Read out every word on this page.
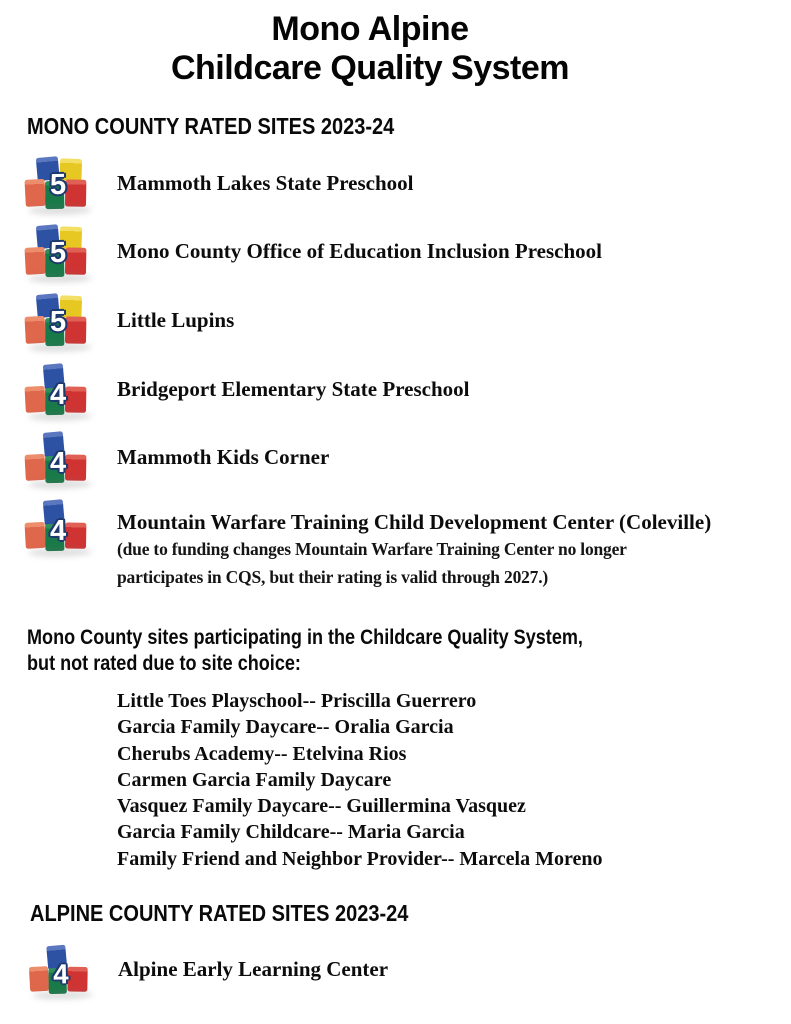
Mono Alpine
Childcare Quality System
MONO COUNTY RATED SITES 2023-24
5	Mammoth Lakes State Preschool
5	Mono County Office of Education Inclusion Preschool
5	Little Lupins
4	Bridgeport Elementary State Preschool
4	Mammoth Kids Corner
4	Mountain Warfare Training Child Development Center (Coleville)
(due to funding changes Mountain Warfare Training Center no longer
participates in CQS, but their rating is valid through 2027.)
Mono County sites participating in the Childcare Quality System,
but not rated due to site choice:
Little Toes Playschool-- Priscilla Guerrero
Garcia Family Daycare-- Oralia Garcia
Cherubs Academy-- Etelvina Rios
Carmen Garcia Family Daycare
Vasquez Family Daycare-- Guillermina Vasquez
Garcia Family Childcare-- Maria Garcia
Family Friend and Neighbor Provider-- Marcela Moreno
ALPINE COUNTY RATED SITES 2023-24
4	Alpine Early Learning Center
